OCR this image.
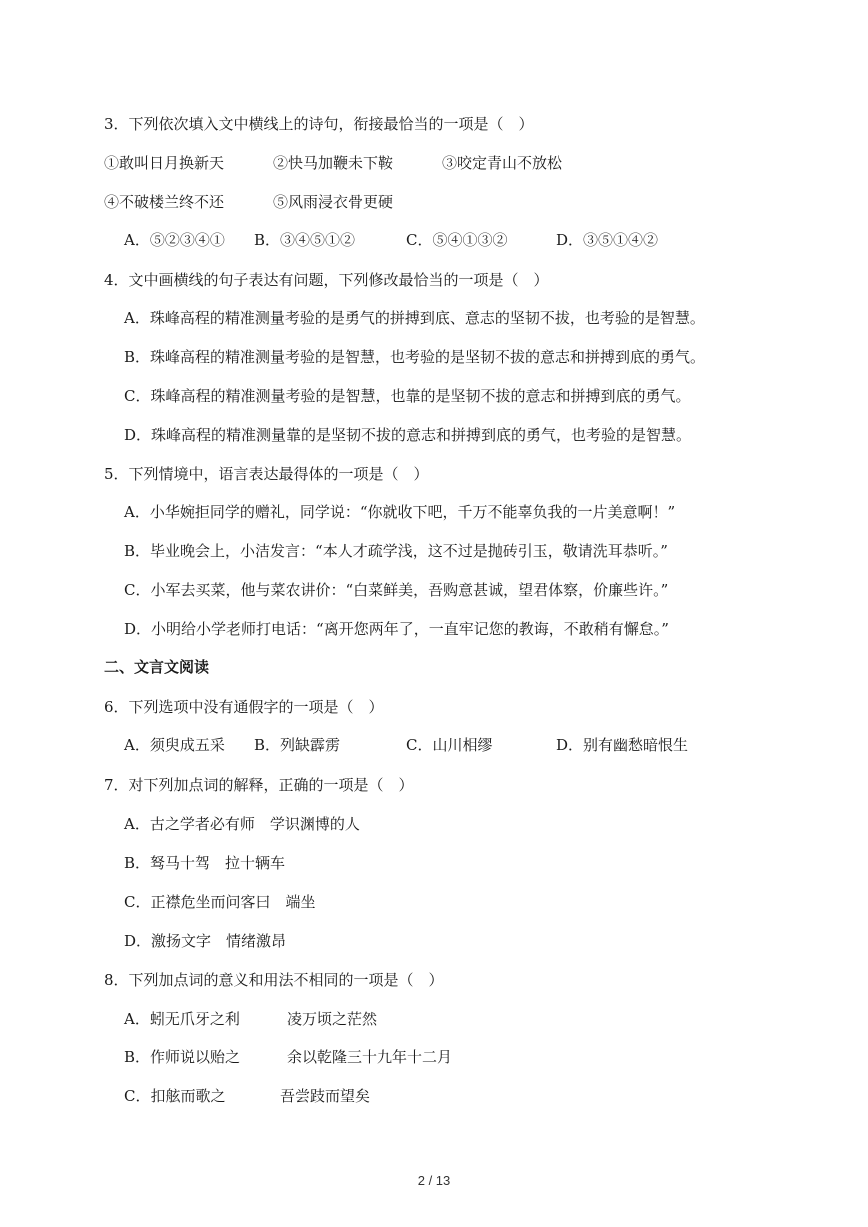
3．下列依次填入文中横线上的诗句，衔接最恰当的一项是（　）
①敢叫日月换新天	②快马加鞭未下鞍	③咬定青山不放松
④不破楼兰终不还	⑤风雨浸衣骨更硬
A．⑤②③④① B．③④⑤①②	C．⑤④①③②	D．③⑤①④②
4．文中画横线的句子表达有问题，下列修改最恰当的一项是（　）
A．珠峰高程的精准测量考验的是勇气的拼搏到底、意志的坚韧不拔，也考验的是智慧。
B．珠峰高程的精准测量考验的是智慧，也考验的是坚韧不拔的意志和拼搏到底的勇气。
C．珠峰高程的精准测量考验的是智慧，也靠的是坚韧不拔的意志和拼搏到底的勇气。
D．珠峰高程的精准测量靠的是坚韧不拔的意志和拼搏到底的勇气，也考验的是智慧。
5．下列情境中，语言表达最得体的一项是（　）
A．小华婉拒同学的赠礼，同学说：“你就收下吧，千万不能辜负我的一片美意啊！”
B．毕业晚会上，小洁发言：“本人才疏学浅，这不过是抛砖引玉，敬请洗耳恭听。”
C．小军去买菜，他与菜农讲价：“白菜鲜美，吾购意甚诚，望君体察，价廉些许。”
D．小明给小学老师打电话：“离开您两年了，一直牢记您的教诲，不敢稍有懈怠。”
二、文言文阅读
6．下列选项中没有通假字的一项是（　）
A．须臾成五采 B．列缺霹雳	C．山川相缪	D．别有幽愁暗恨生
7．对下列加点词的解释，正确的一项是（　）
A．古之学者必有师　学识渊博的人
B．驽马十驾　拉十辆车
C．正襟危坐而问客曰　端坐
D．激扬文字　情绪激昂
8．下列加点词的意义和用法不相同的一项是（　）
A．蚓无爪牙之利	凌万顷之茫然
B．作师说以贻之	余以乾隆三十九年十二月
C．扣舷而歌之	吾尝跂而望矣
2 / 13
